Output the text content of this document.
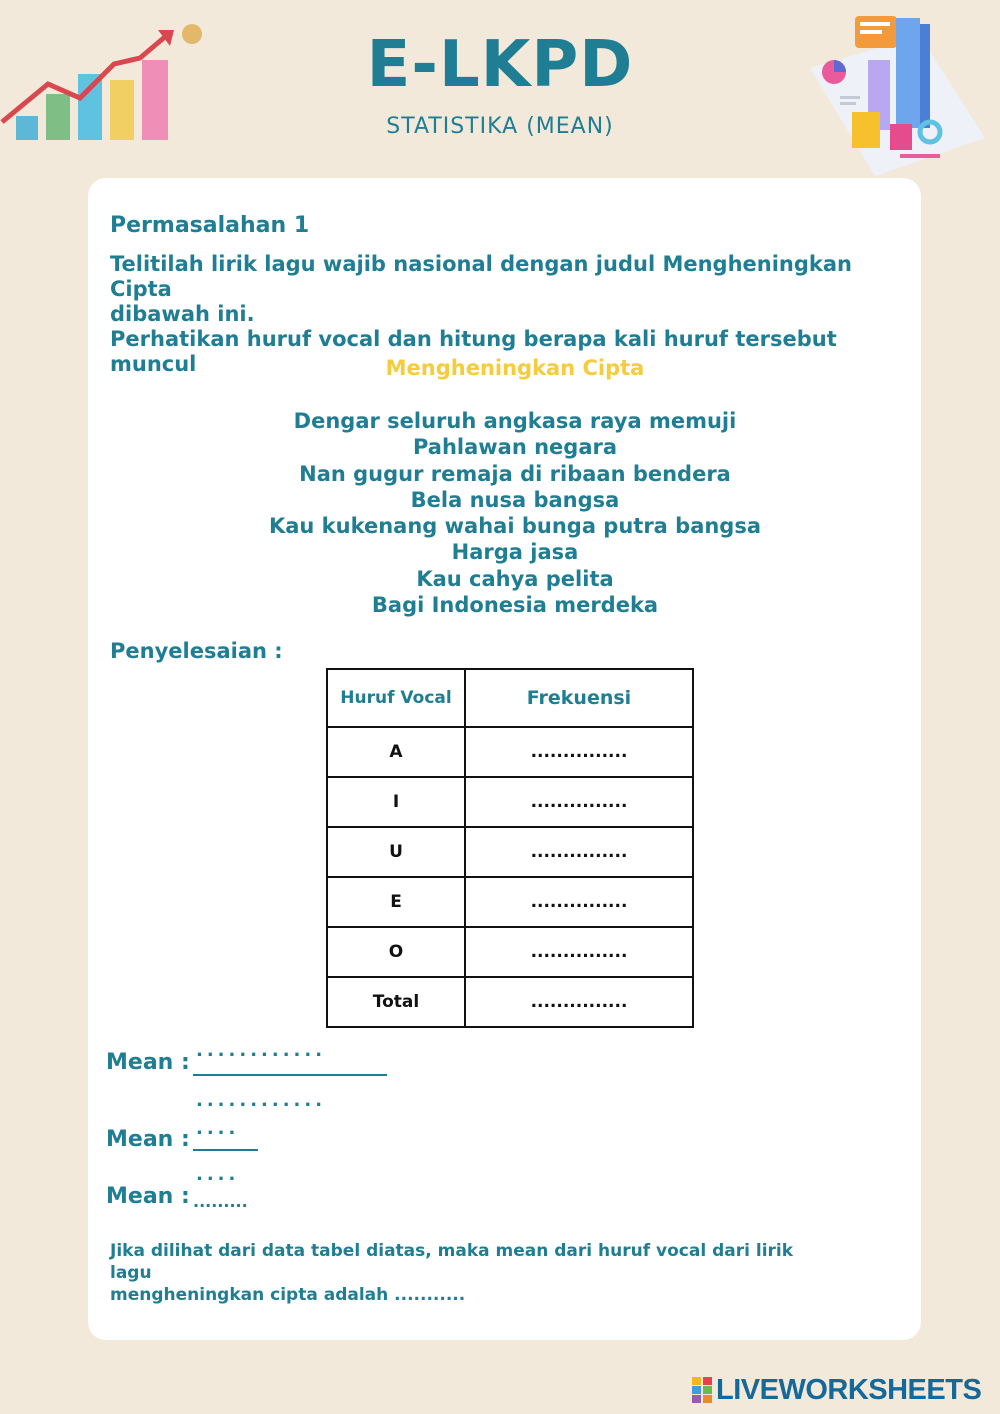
E-LKPD
STATISTIKA (MEAN)
Permasalahan 1
Telitilah lirik lagu wajib nasional dengan judul Mengheningkan Cipta
dibawah ini.
Perhatikan huruf vocal dan hitung berapa kali huruf tersebut muncul	Mengheningkan Cipta
Dengar seluruh angkasa raya memuji
Pahlawan negara
Nan gugur remaja di ribaan bendera
Bela nusa bangsa
Kau kukenang wahai bunga putra bangsa
Harga jasa
Kau cahya pelita
Bagi Indonesia merdeka
Penyelesaian :
Huruf Vocal	Frekuensi
A	...............
I	...............
U	...............
E	...............
O	...............
Total	...............
Mean : ............
............
Mean : ....
....
Mean : .........
Jika dilihat dari data tabel diatas, maka mean dari huruf vocal dari lirik lagu
mengheningkan cipta adalah ...........
LIVEWORKSHEETS
